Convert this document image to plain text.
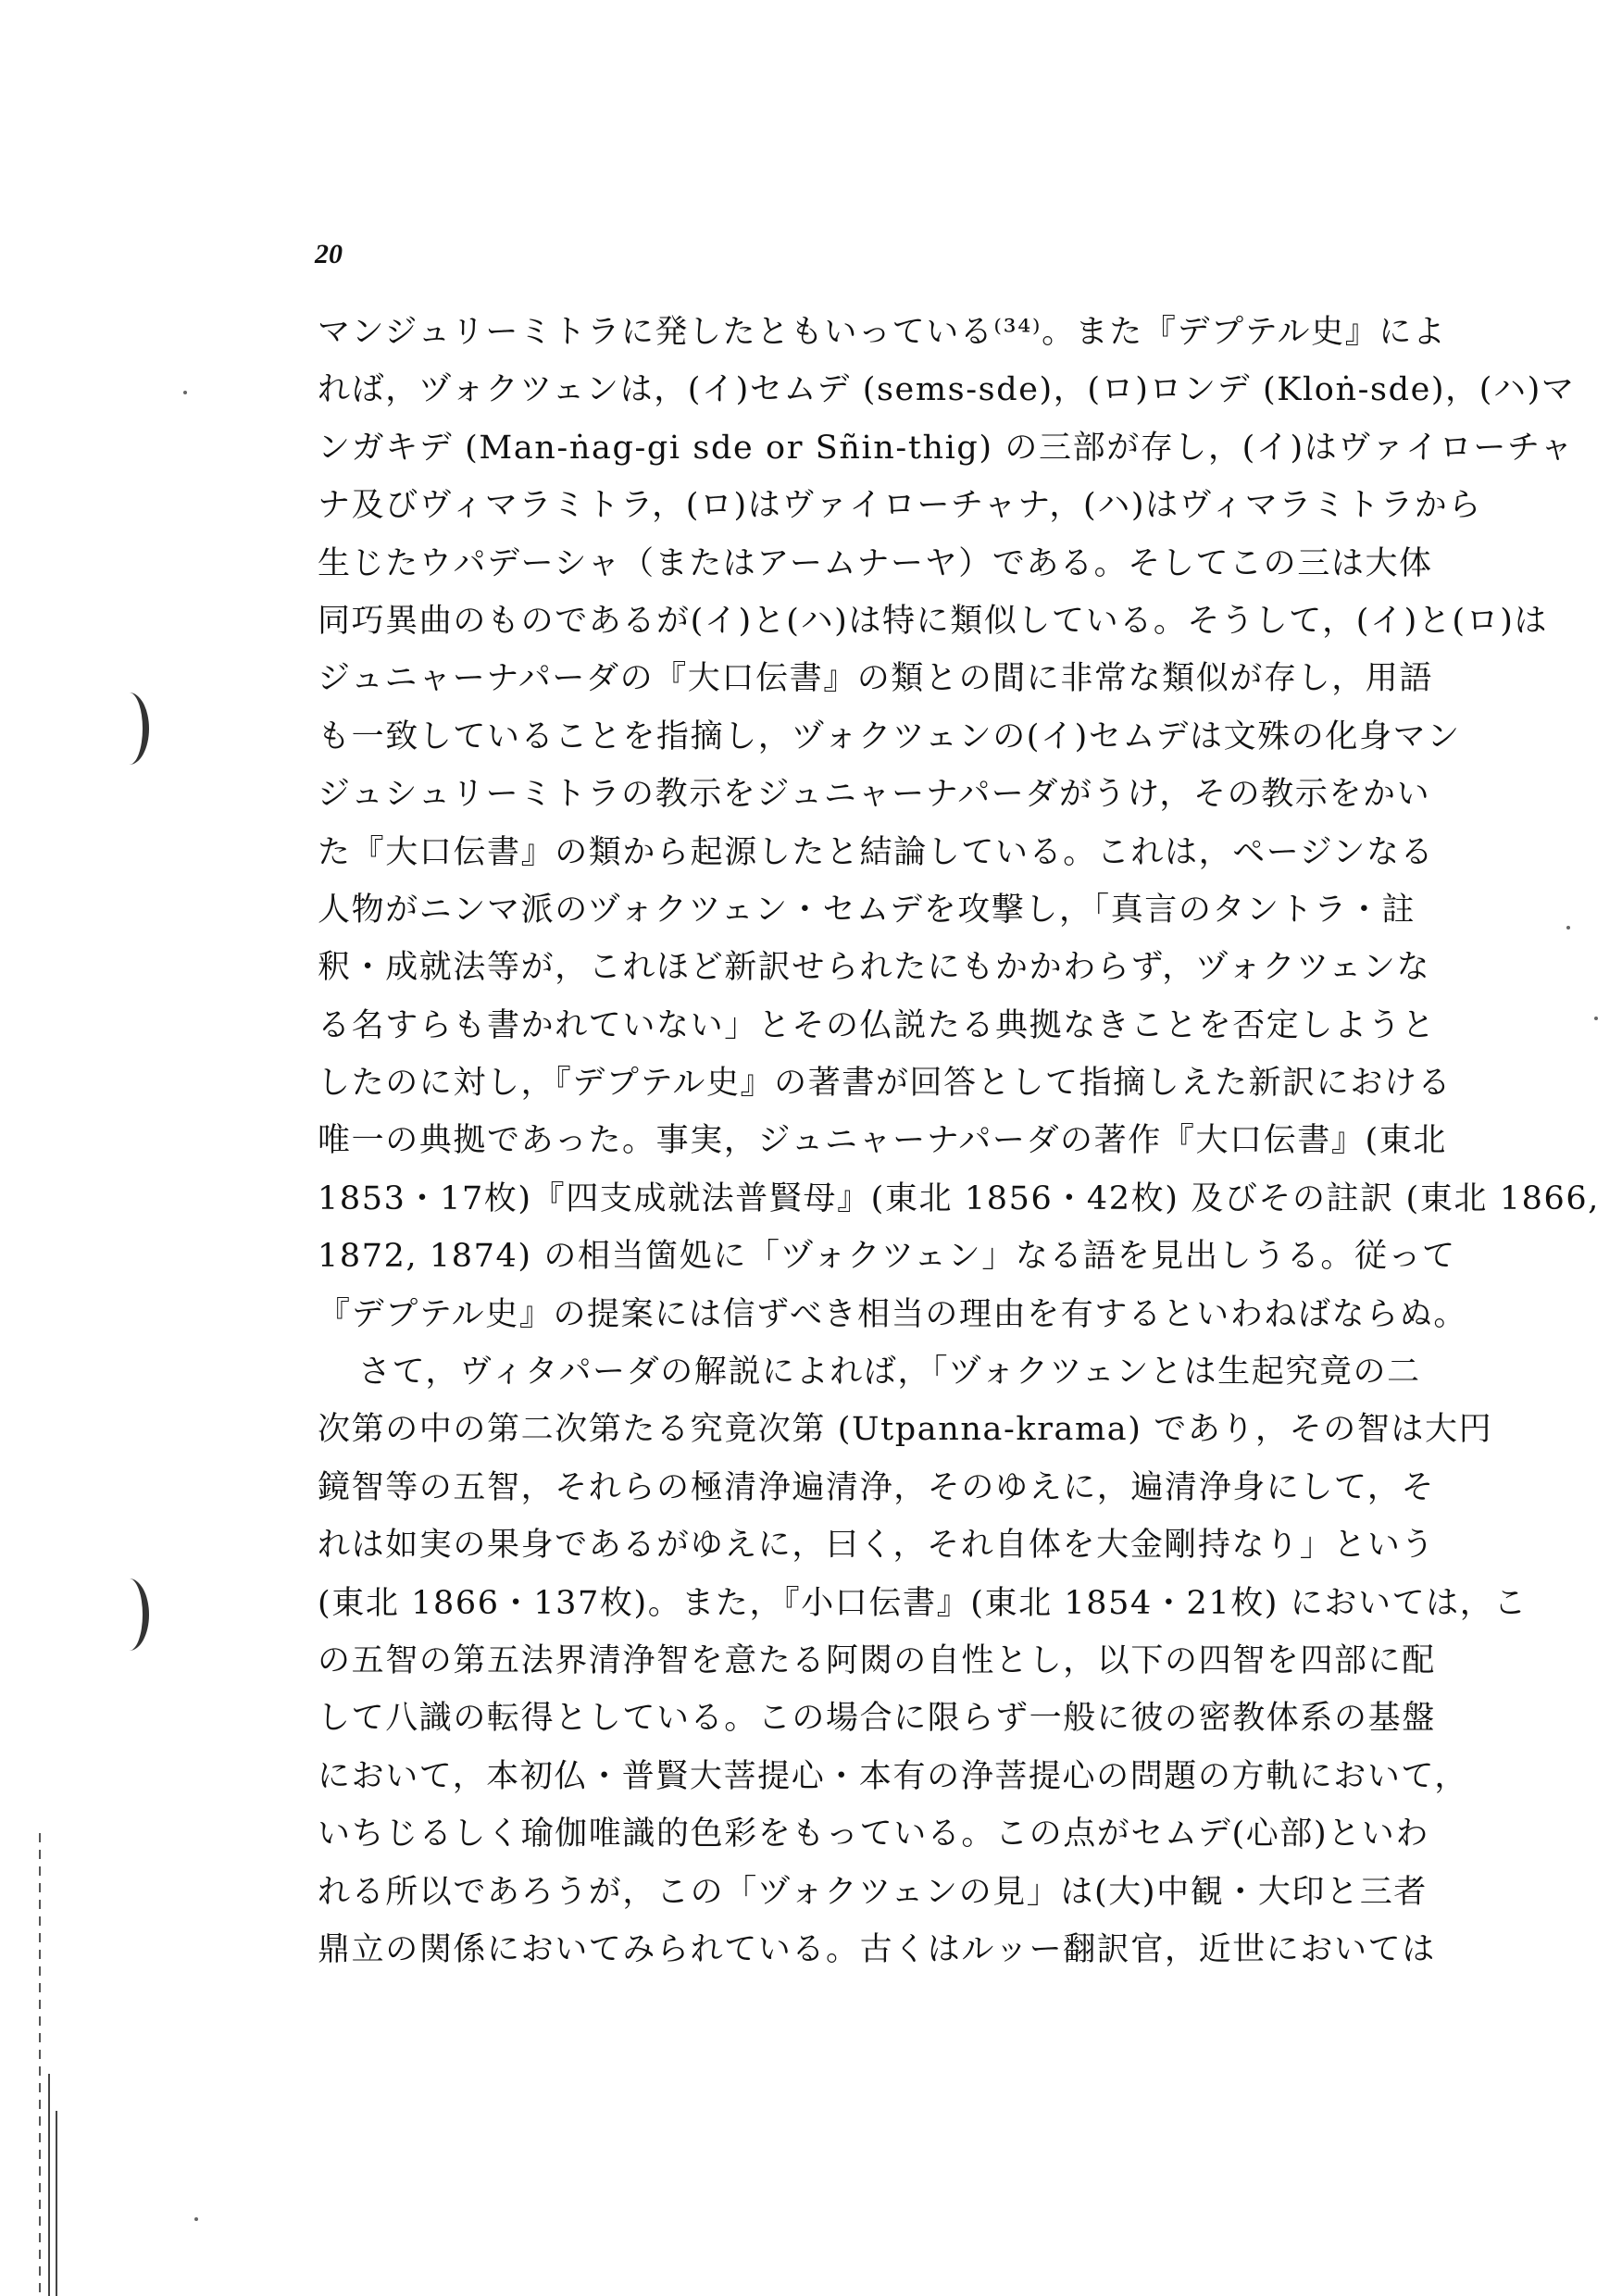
20
マンジュリーミトラに発したともいっている⁽³⁴⁾。また『デプテル史』によ
れば，ヅォクツェンは，(イ)セムデ (sems-sde)，(ロ)ロンデ (Kloṅ-sde)，(ハ)マ
ンガキデ (Man-ṅag-gi sde or Sñin-thig) の三部が存し，(イ)はヴァイローチャ
ナ及びヴィマラミトラ，(ロ)はヴァイローチャナ，(ハ)はヴィマラミトラから
生じたウパデーシャ（またはアームナーヤ）である。そしてこの三は大体
同巧異曲のものであるが(イ)と(ハ)は特に類似している。そうして，(イ)と(ロ)は
ジュニャーナパーダの『大口伝書』の類との間に非常な類似が存し，用語
も一致していることを指摘し，ヅォクツェンの(イ)セムデは文殊の化身マン
ジュシュリーミトラの教示をジュニャーナパーダがうけ，その教示をかい
た『大口伝書』の類から起源したと結論している。これは，ページンなる
人物がニンマ派のヅォクツェン・セムデを攻撃し，「真言のタントラ・註
釈・成就法等が，これほど新訳せられたにもかかわらず，ヅォクツェンな
る名すらも書かれていない」とその仏説たる典拠なきことを否定しようと
したのに対し，『デプテル史』の著書が回答として指摘しえた新訳における
唯一の典拠であった。事実，ジュニャーナパーダの著作『大口伝書』(東北
1853・17枚)『四支成就法普賢母』(東北 1856・42枚) 及びその註訳 (東北 1866,
1872, 1874) の相当箇処に「ヅォクツェン」なる語を見出しうる。従って
『デプテル史』の提案には信ずべき相当の理由を有するといわねばならぬ。
さて，ヴィタパーダの解説によれば，「ヅォクツェンとは生起究竟の二
次第の中の第二次第たる究竟次第 (Utpanna-krama) であり，その智は大円
鏡智等の五智，それらの極清浄遍清浄，そのゆえに，遍清浄身にして，そ
れは如実の果身であるがゆえに，曰く，それ自体を大金剛持なり」という
(東北 1866・137枚)。また，『小口伝書』(東北 1854・21枚) においては，こ
の五智の第五法界清浄智を意たる阿閦の自性とし，以下の四智を四部に配
して八識の転得としている。この場合に限らず一般に彼の密教体系の基盤
において，本初仏・普賢大菩提心・本有の浄菩提心の問題の方軌において，
いちじるしく瑜伽唯識的色彩をもっている。この点がセムデ(心部)といわ
れる所以であろうが，この「ヅォクツェンの見」は(大)中観・大印と三者
鼎立の関係においてみられている。古くはルッー翻訳官，近世においては
